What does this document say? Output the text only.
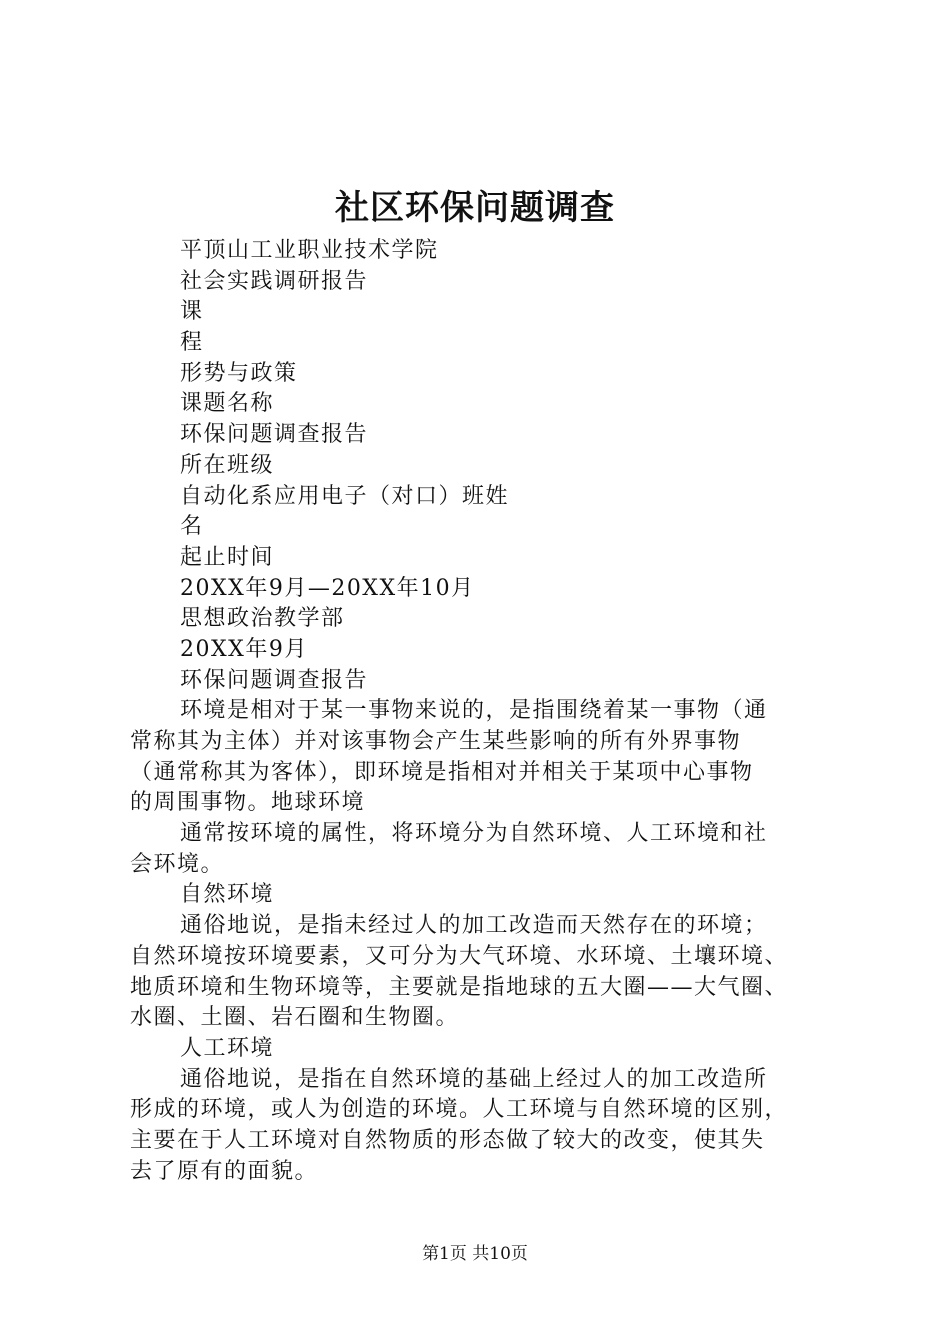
社区环保问题调查
平顶山工业职业技术学院
社会实践调研报告
课
程
形势与政策
课题名称
环保问题调查报告
所在班级
自动化系应用电子（对口）班姓
名
起止时间
20XX年9月—20XX年10月
思想政治教学部
20XX年9月
环保问题调查报告
环境是相对于某一事物来说的，是指围绕着某一事物（通
常称其为主体）并对该事物会产生某些影响的所有外界事物
（通常称其为客体），即环境是指相对并相关于某项中心事物
的周围事物。地球环境
通常按环境的属性，将环境分为自然环境、人工环境和社
会环境。
自然环境
通俗地说，是指未经过人的加工改造而天然存在的环境；
自然环境按环境要素，又可分为大气环境、水环境、土壤环境、
地质环境和生物环境等，主要就是指地球的五大圈——大气圈、
水圈、土圈、岩石圈和生物圈。
人工环境
通俗地说，是指在自然环境的基础上经过人的加工改造所
形成的环境，或人为创造的环境。人工环境与自然环境的区别，
主要在于人工环境对自然物质的形态做了较大的改变，使其失
去了原有的面貌。
第1页 共10页
